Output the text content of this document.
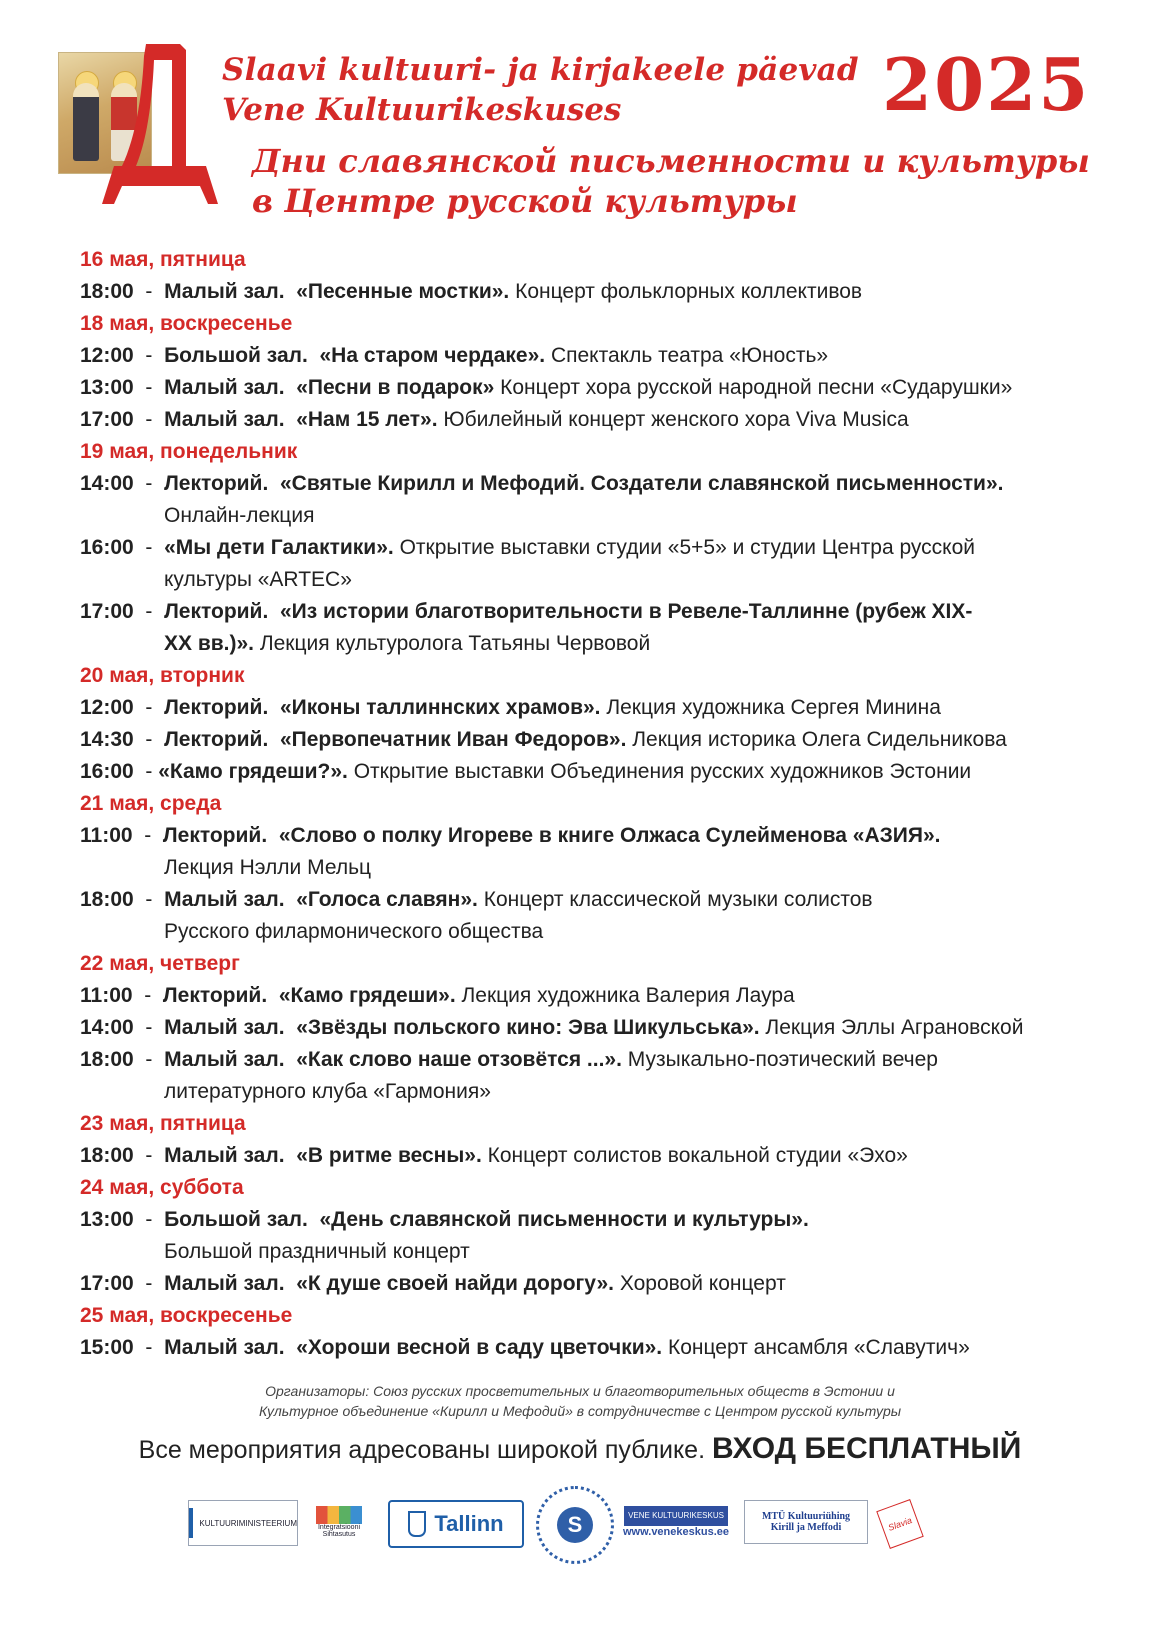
Slaavi kultuuri- ja kirjakeele päevad
Vene Kultuurikeskuses
Дни славянской письменности и культуры
в Центре русской культуры
2025
16 мая, пятница
18:00  -  Малый зал.  «Песенные мостки». Концерт фольклорных коллективов
18 мая, воскресенье
12:00  -  Большой зал.  «На старом чердаке». Спектакль театра «Юность»
13:00  -  Малый зал.  «Песни в подарок» Концерт хора русской народной песни «Сударушки»
17:00  -  Малый зал.  «Нам 15 лет». Юбилейный концерт женского хора Viva Musica
19 мая, понедельник
14:00  -  Лекторий.  «Святые Кирилл и Мефодий. Создатели славянской письменности».
Онлайн-лекция
16:00  -  «Мы дети Галактики». Открытие выставки студии «5+5» и студии Центра русской
культуры «ARTEC»
17:00  -  Лекторий.  «Из истории благотворительности в Ревеле-Таллинне (рубеж XIX-
XX вв.)». Лекция культуролога Татьяны Червовой
20 мая, вторник
12:00  -  Лекторий.  «Иконы таллиннских храмов». Лекция художника Сергея Минина
14:30  -  Лекторий.  «Первопечатник Иван Федоров». Лекция историка Олега Сидельникова
16:00  - «Камо грядеши?». Открытие выставки Объединения русских художников Эстонии
21 мая, среда
11:00  -  Лекторий.  «Слово о полку Игореве в книге Олжаса Сулейменова «АЗИЯ».
Лекция Нэлли Мельц
18:00  -  Малый зал.  «Голоса славян». Концерт классической музыки солистов
Русского филармонического общества
22 мая, четверг
11:00  -  Лекторий.  «Камо грядеши». Лекция художника Валерия Лаура
14:00  -  Малый зал.  «Звёзды польского кино: Эва Шикульська». Лекция Эллы Аграновской
18:00  -  Малый зал.  «Как слово наше отзовётся ...». Музыкально-поэтический вечер
литературного клуба «Гармония»
23 мая, пятница
18:00  -  Малый зал.  «В ритме весны». Концерт солистов вокальной студии «Эхо»
24 мая, суббота
13:00  -  Большой зал.  «День славянской письменности и культуры».
Большой праздничный концерт
17:00  -  Малый зал.  «К душе своей найди дорогу». Хоровой концерт
25 мая, воскресенье
15:00  -  Малый зал.  «Хороши весной в саду цветочки». Концерт ансамбля «Славутич»
Организаторы: Союз русских просветительных и благотворительных обществ в Эстонии и
Культурное объединение «Кирилл и Мефодий» в сотрудничестве с Центром русской культуры
Все мероприятия адресованы широкой публике. ВХОД БЕСПЛАТНЫЙ
KULTUURIMINISTEERIUM	Integratsiooni Sihtasutus	Tallinn	S	VENE KULTUURIKESKUS
www.venekeskus.ee
MTÜ Kultuuriühing Kirill ja Meffodi	Slavia
